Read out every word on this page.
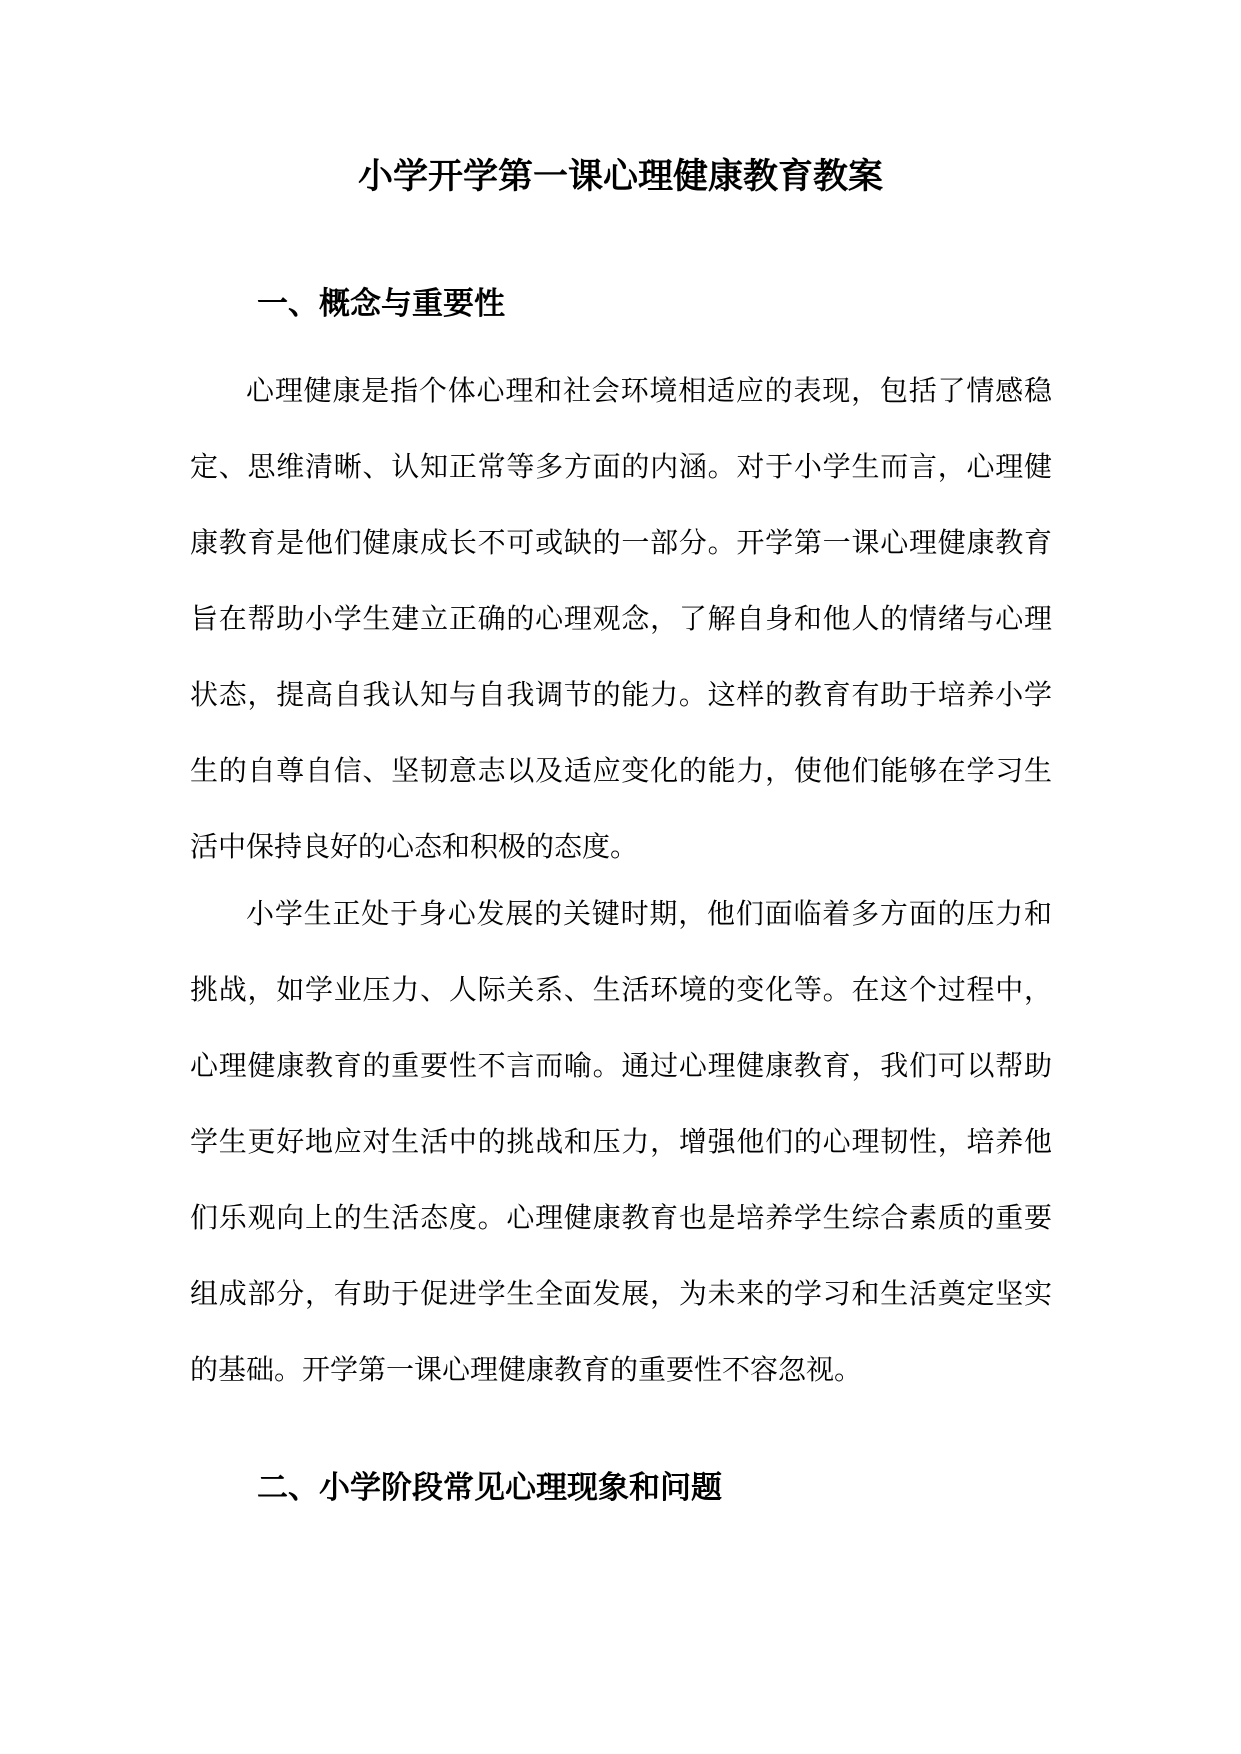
小学开学第一课心理健康教育教案
一、概念与重要性

心理健康是指个体心理和社会环境相适应的表现，包括了情感稳定、思维清晰、认知正常等多方面的内涵。对于小学生而言，心理健康教育是他们健康成长不可或缺的一部分。开学第一课心理健康教育旨在帮助小学生建立正确的心理观念，了解自身和他人的情绪与心理状态，提高自我认知与自我调节的能力。这样的教育有助于培养小学生的自尊自信、坚韧意志以及适应变化的能力，使他们能够在学习生活中保持良好的心态和积极的态度。

小学生正处于身心发展的关键时期，他们面临着多方面的压力和挑战，如学业压力、人际关系、生活环境的变化等。在这个过程中，心理健康教育的重要性不言而喻。通过心理健康教育，我们可以帮助学生更好地应对生活中的挑战和压力，增强他们的心理韧性，培养他们乐观向上的生活态度。心理健康教育也是培养学生综合素质的重要组成部分，有助于促进学生全面发展，为未来的学习和生活奠定坚实的基础。开学第一课心理健康教育的重要性不容忽视。

二、小学阶段常见心理现象和问题
